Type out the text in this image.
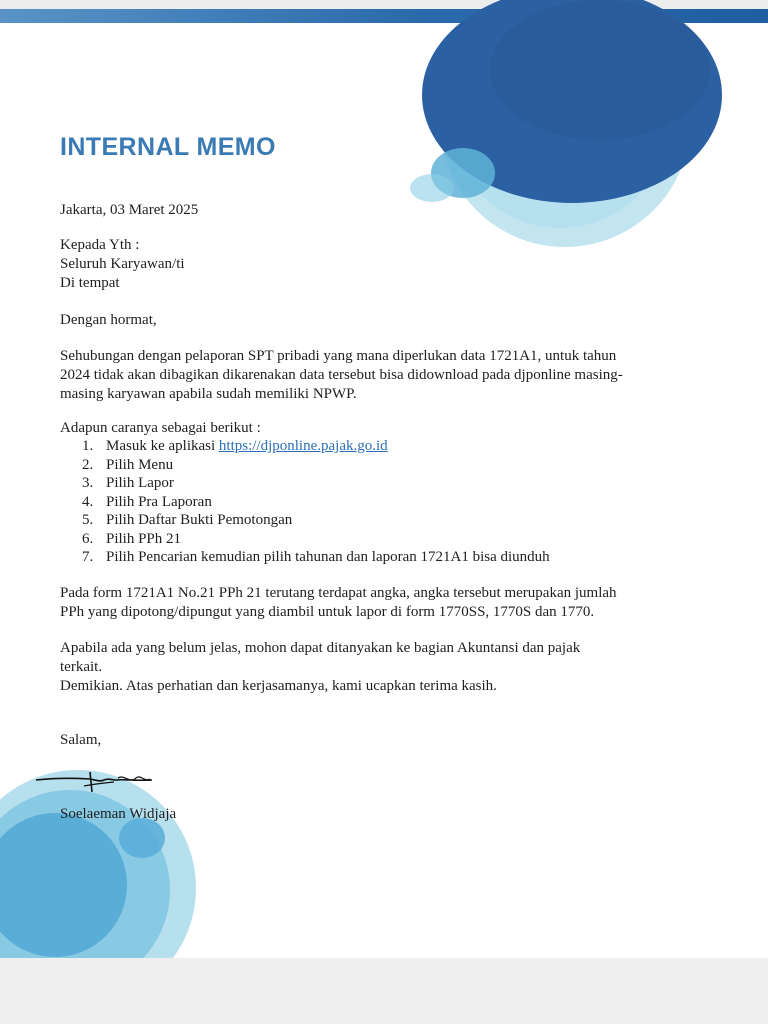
INTERNAL MEMO

Jakarta, 03 Maret 2025

Kepada Yth :

Seluruh Karyawan/ti

Di tempat

Dengan hormat,

Sehubungan dengan pelaporan SPT pribadi yang mana diperlukan data 1721A1, untuk tahun

2024 tidak akan dibagikan dikarenakan data tersebut bisa didownload pada djponline masing-

masing karyawan apabila sudah memiliki NPWP.

Adapun caranya sebagai berikut :

1. Masuk ke aplikasi https://djponline.pajak.go.id
2. Pilih Menu
3. Pilih Lapor
4. Pilih Pra Laporan
5. Pilih Daftar Bukti Pemotongan
6. Pilih PPh 21
7. Pilih Pencarian kemudian pilih tahunan dan laporan 1721A1 bisa diunduh

Pada form 1721A1 No.21 PPh 21 terutang terdapat angka, angka tersebut merupakan jumlah

PPh yang dipotong/dipungut yang diambil untuk lapor di form 1770SS, 1770S dan 1770.

Apabila ada yang belum jelas, mohon dapat ditanyakan ke bagian Akuntansi dan pajak

terkait.

Demikian. Atas perhatian dan kerjasamanya, kami ucapkan terima kasih.

Salam,

Soelaeman Widjaja
